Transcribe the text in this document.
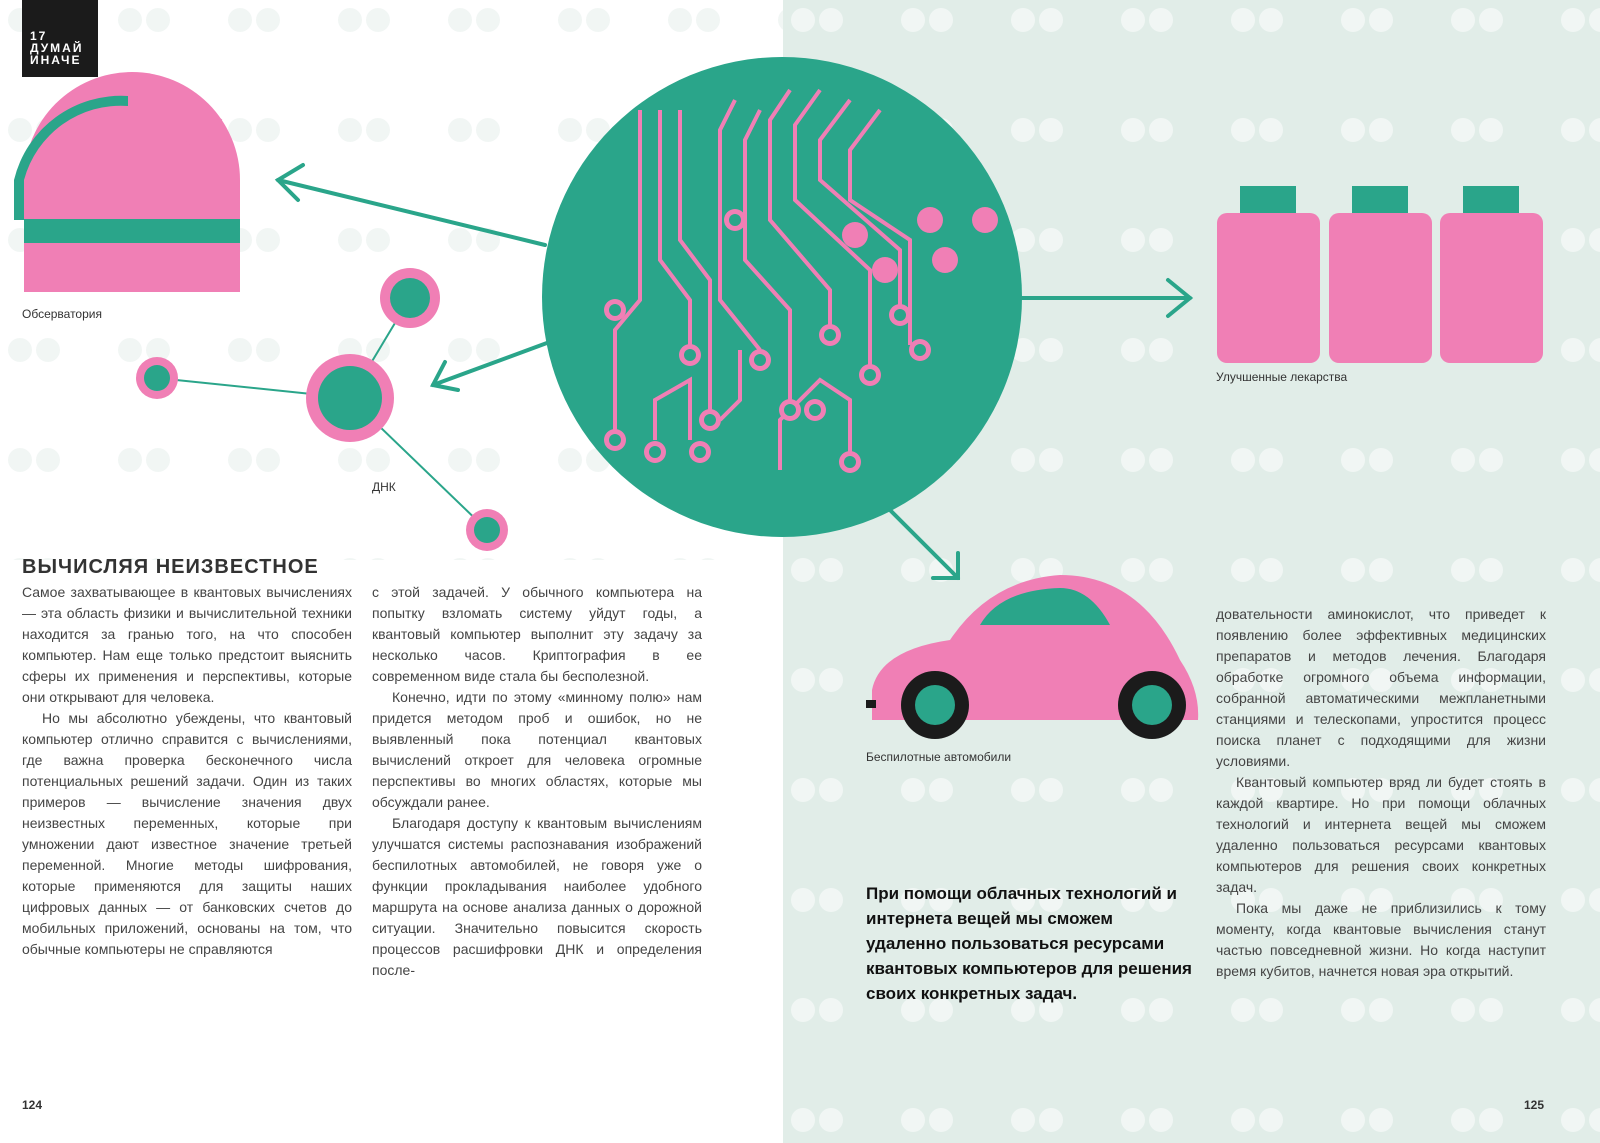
17
ДУМАЙ
ИНАЧЕ
Обсерватория
ДНК
Улучшенные лекарства
Беспилотные автомобили
ВЫЧИСЛЯЯ НЕИЗВЕСТНОЕ

Самое захватывающее в квантовых вычислениях — эта область физики и вычислительной техники находится за гранью того, на что способен компьютер. Нам еще только предстоит выяснить сферы их применения и перспективы, которые они открывают для человека.

Но мы абсолютно убеждены, что квантовый компьютер отлично справится с вычислениями, где важна проверка бесконечного числа потенциальных решений задачи. Один из таких примеров — вычисление значения двух неизвестных переменных, которые при умножении дают известное значение третьей переменной. Многие методы шифрования, которые применяются для защиты наших цифровых данных — от банковских счетов до мобильных приложений, основаны на том, что обычные компьютеры не справляются

с этой задачей. У обычного компьютера на попытку взломать систему уйдут годы, а квантовый компьютер выполнит эту задачу за несколько часов. Криптография в ее современном виде стала бы бесполезной.

Конечно, идти по этому «минному полю» нам придется методом проб и ошибок, но не выявленный пока потенциал квантовых вычислений откроет для человека огромные перспективы во многих областях, которые мы обсуждали ранее.

Благодаря доступу к квантовым вычислениям улучшатся системы распознавания изображений беспилотных автомобилей, не говоря уже о функции прокладывания наиболее удобного маршрута на основе анализа данных о дорожной ситуации. Значительно повысится скорость процессов расшифровки ДНК и определения после-

При помощи облачных технологий и интернета вещей мы сможем удаленно пользоваться ресурсами квантовых компьютеров для решения своих конкретных задач.

довательности аминокислот, что приведет к появлению более эффективных медицинских препаратов и методов лечения. Благодаря обработке огромного объема информации, собранной автоматическими межпланетными станциями и телескопами, упростится процесс поиска планет с подходящими для жизни условиями.

Квантовый компьютер вряд ли будет стоять в каждой квартире. Но при помощи облачных технологий и интернета вещей мы сможем удаленно пользоваться ресурсами квантовых компьютеров для решения своих конкретных задач.

Пока мы даже не приблизились к тому моменту, когда квантовые вычисления станут частью повседневной жизни. Но когда наступит время кубитов, начнется новая эра открытий.

124	125
